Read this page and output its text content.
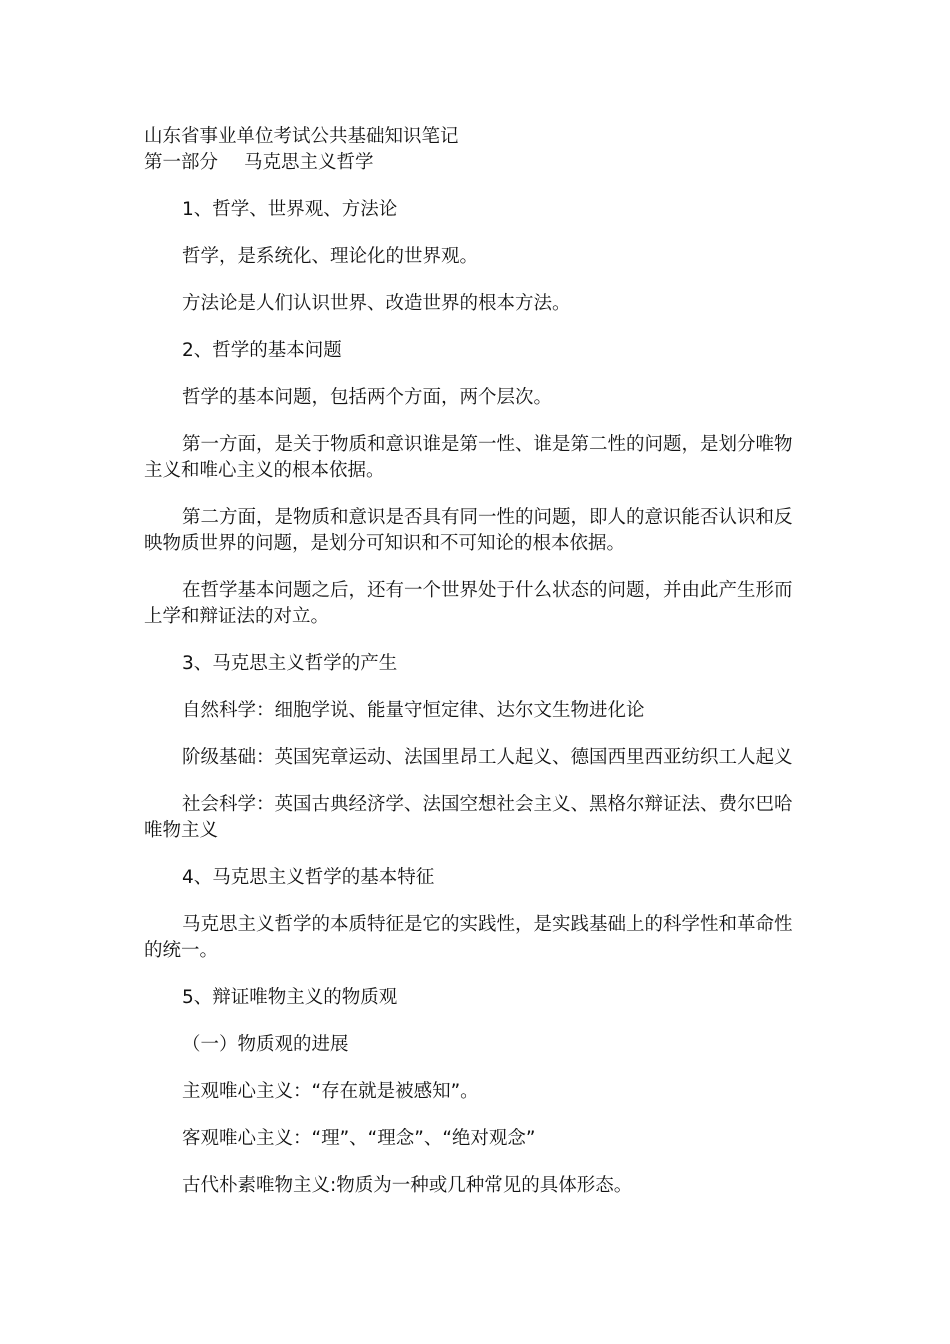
山东省事业单位考试公共基础知识笔记

第一部分 马克思主义哲学

1、哲学、世界观、方法论

哲学，是系统化、理论化的世界观。

方法论是人们认识世界、改造世界的根本方法。

2、哲学的基本问题

哲学的基本问题，包括两个方面，两个层次。

第一方面，是关于物质和意识谁是第一性、谁是第二性的问题，是划分唯物主义和唯心主义的根本依据。

第二方面，是物质和意识是否具有同一性的问题，即人的意识能否认识和反映物质世界的问题，是划分可知识和不可知论的根本依据。

在哲学基本问题之后，还有一个世界处于什么状态的问题，并由此产生形而上学和辩证法的对立。

3、马克思主义哲学的产生

自然科学：细胞学说、能量守恒定律、达尔文生物进化论

阶级基础：英国宪章运动、法国里昂工人起义、德国西里西亚纺织工人起义

社会科学：英国古典经济学、法国空想社会主义、黑格尔辩证法、费尔巴哈唯物主义

4、马克思主义哲学的基本特征

马克思主义哲学的本质特征是它的实践性，是实践基础上的科学性和革命性的统一。

5、辩证唯物主义的物质观

（一）物质观的进展

主观唯心主义：“存在就是被感知”。

客观唯心主义：“理”、“理念”、“绝对观念”

古代朴素唯物主义:物质为一种或几种常见的具体形态。
